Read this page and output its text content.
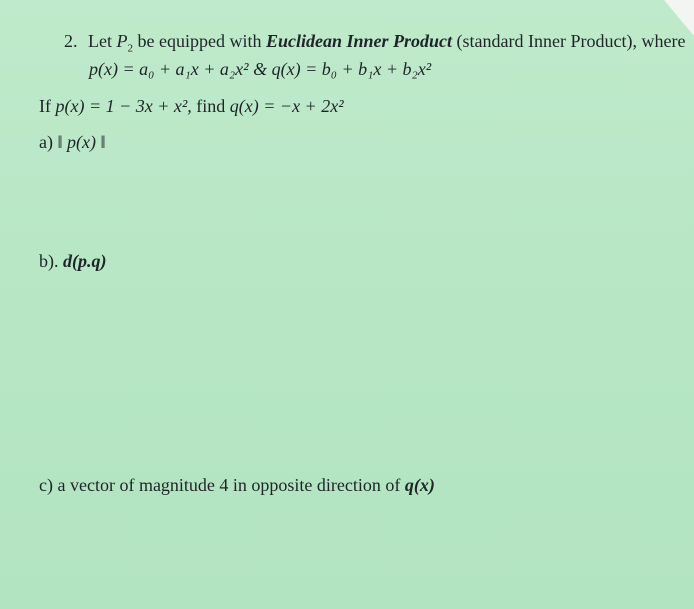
2. Let $P_2$ be equipped with Euclidean Inner Product (standard Inner Product), where
p(x) = a₀ + a₁x + a₂x² & q(x) = b₀ + b₁x + b₂x²
If p(x) = 1 − 3x + x², find q(x) = −x + 2x²
a) ‖ p(x) ‖
b). d(p.q)
c) a vector of magnitude 4 in opposite direction of q(x)
